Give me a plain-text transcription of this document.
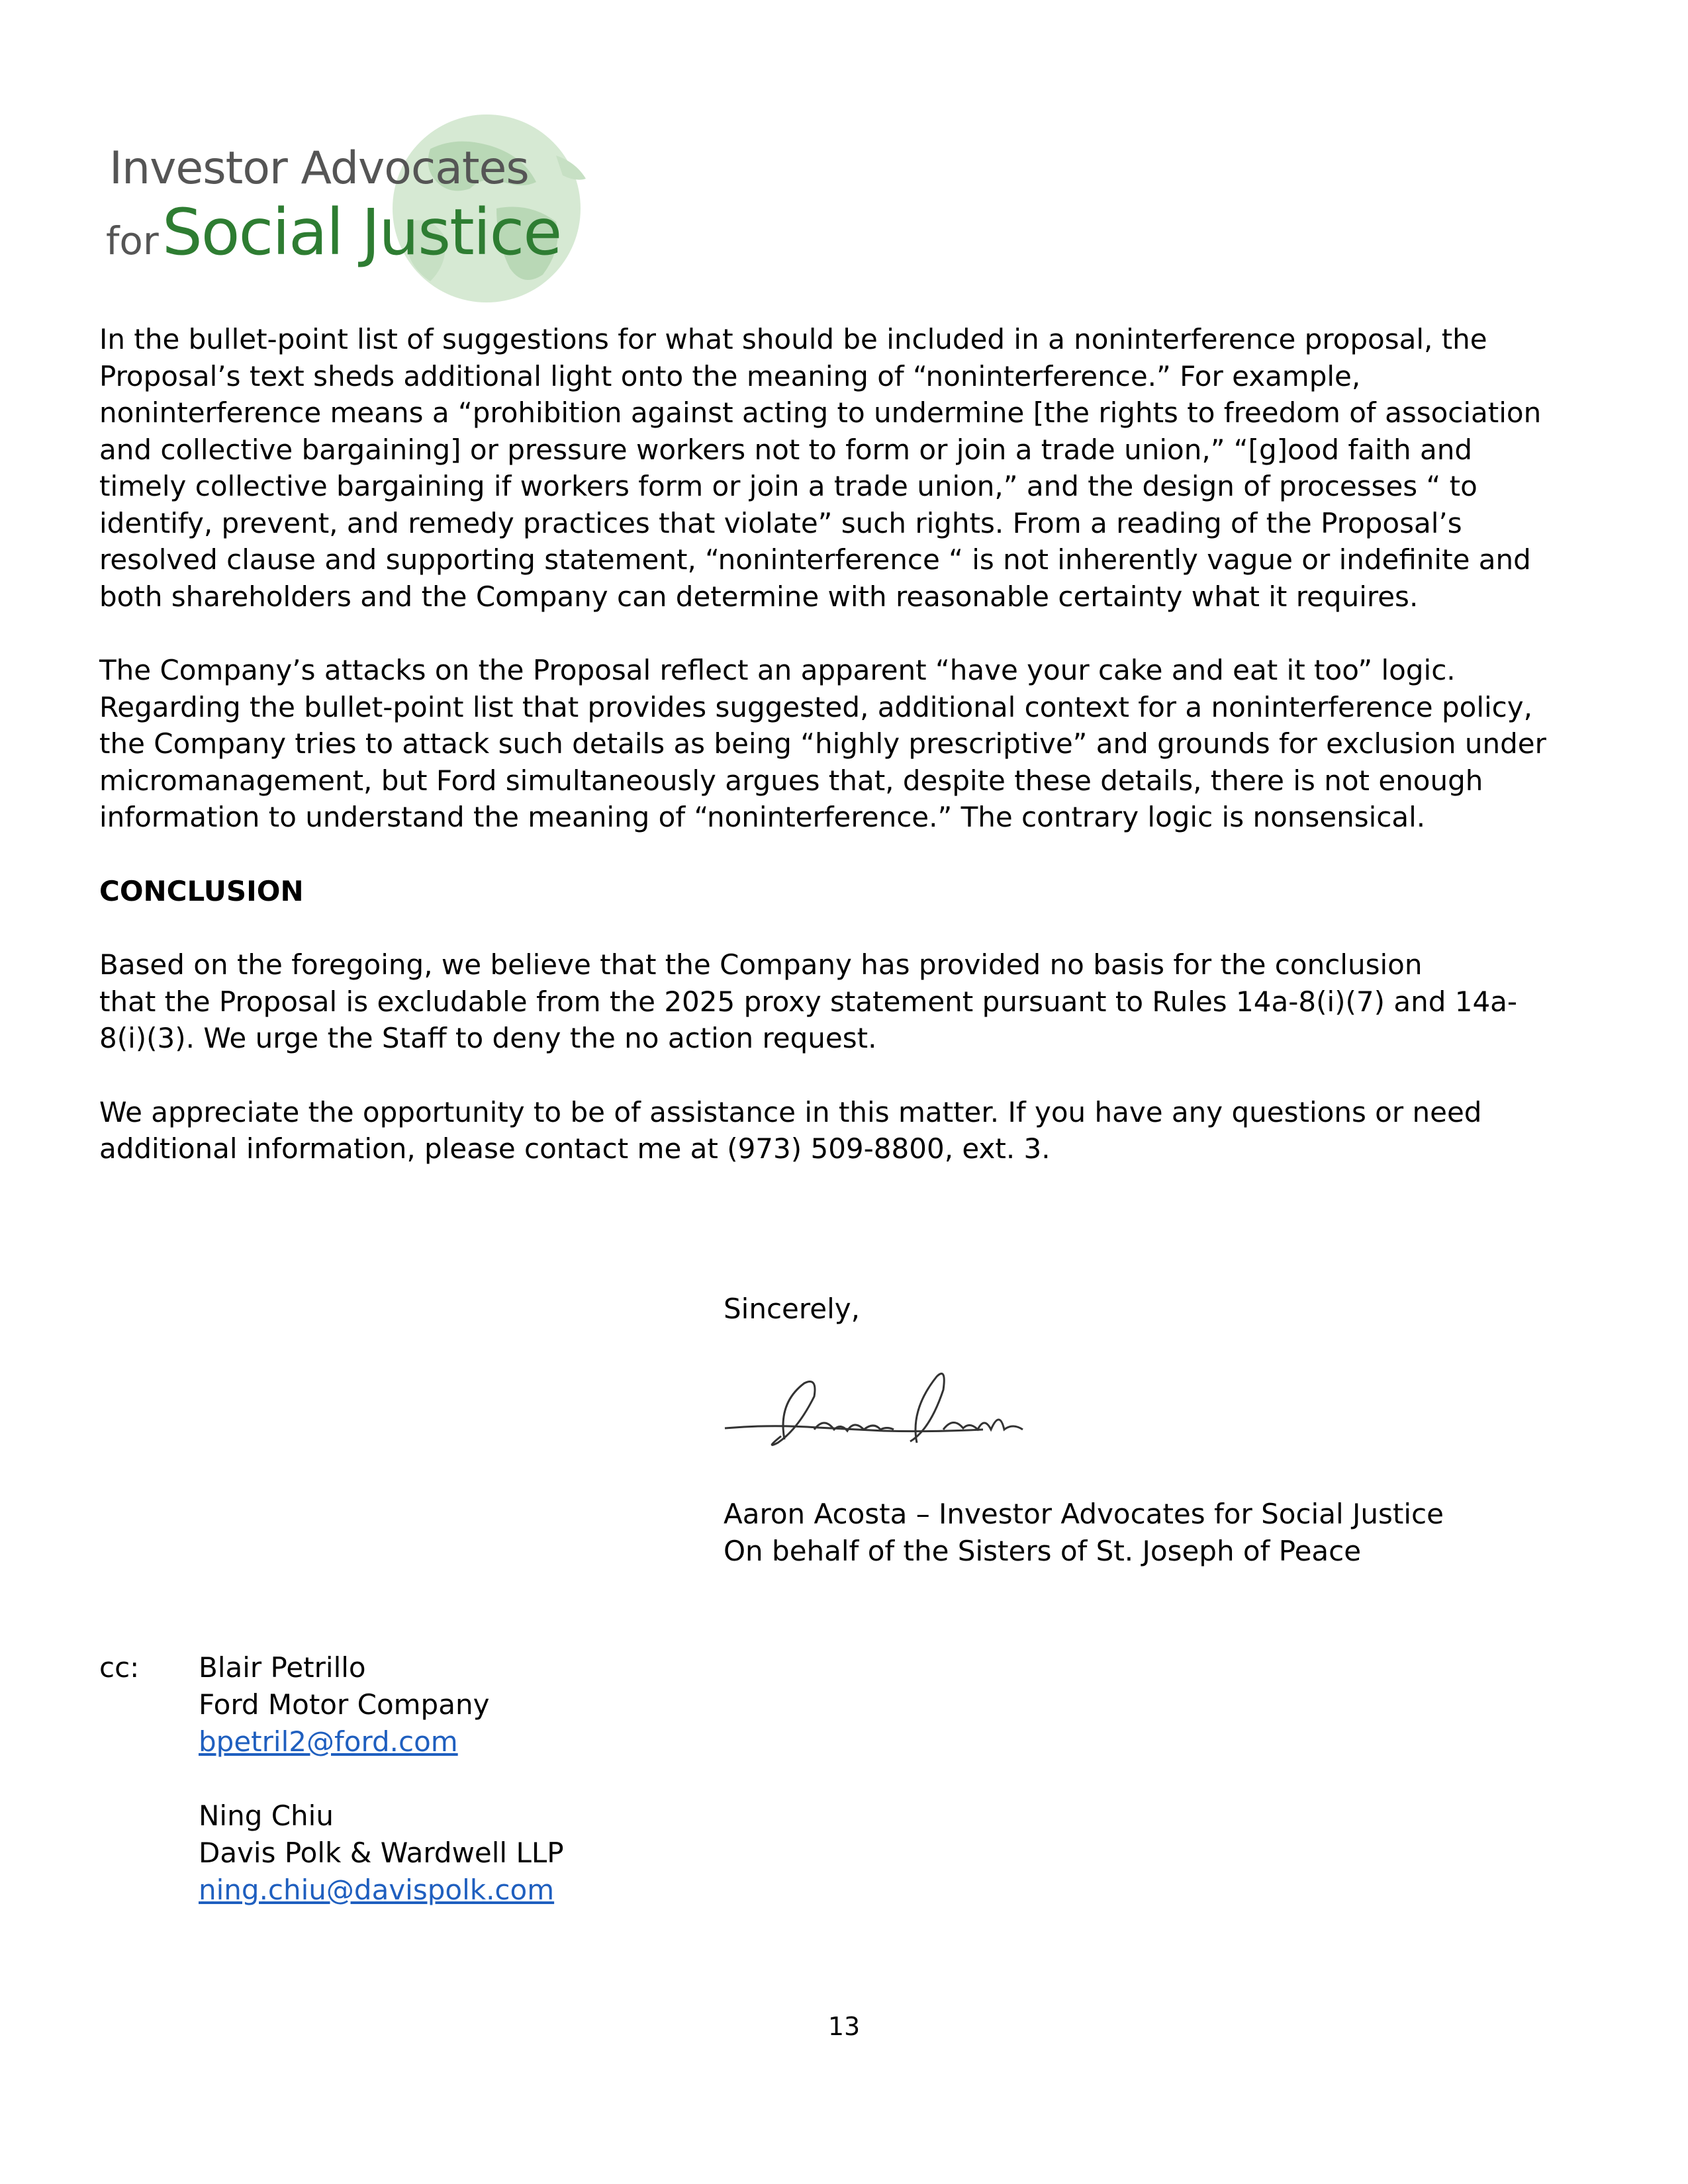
Investor Advocates
for Social Justice

In the bullet-point list of suggestions for what should be included in a noninterference proposal, the
Proposal’s text sheds additional light onto the meaning of “noninterference.” For example,
noninterference means a “prohibition against acting to undermine [the rights to freedom of association
and collective bargaining] or pressure workers not to form or join a trade union,” “[g]ood faith and
timely collective bargaining if workers form or join a trade union,” and the design of processes “ to
identify, prevent, and remedy practices that violate” such rights. From a reading of the Proposal’s
resolved clause and supporting statement, “noninterference “ is not inherently vague or indefinite and
both shareholders and the Company can determine with reasonable certainty what it requires.

The Company’s attacks on the Proposal reflect an apparent “have your cake and eat it too” logic.
Regarding the bullet-point list that provides suggested, additional context for a noninterference policy,
the Company tries to attack such details as being “highly prescriptive” and grounds for exclusion under
micromanagement, but Ford simultaneously argues that, despite these details, there is not enough
information to understand the meaning of “noninterference.” The contrary logic is nonsensical.

CONCLUSION

Based on the foregoing, we believe that the Company has provided no basis for the conclusion
that the Proposal is excludable from the 2025 proxy statement pursuant to Rules 14a-8(i)(7) and 14a-
8(i)(3). We urge the Staff to deny the no action request.

We appreciate the opportunity to be of assistance in this matter. If you have any questions or need
additional information, please contact me at (973) 509-8800, ext. 3.

Sincerely,
Aaron Acosta – Investor Advocates for Social Justice
On behalf of the Sisters of St. Joseph of Peace
cc: Blair Petrillo
Ford Motor Company
bpetril2@ford.com
Ning Chiu
Davis Polk & Wardwell LLP
ning.chiu@davispolk.com
13
